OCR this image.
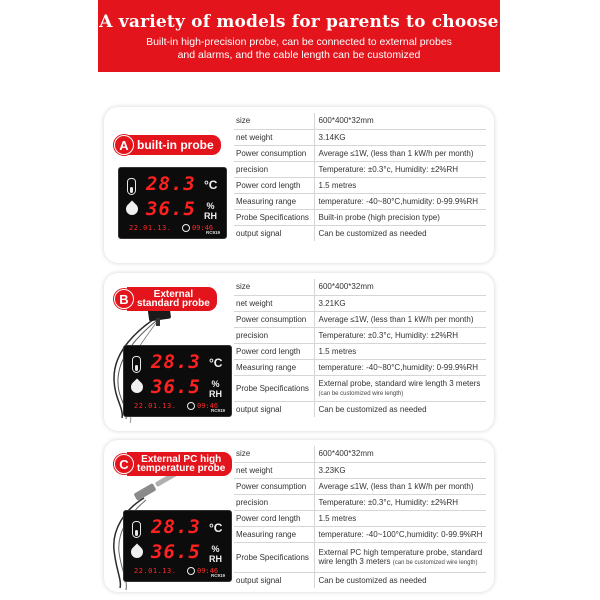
A variety of models for parents to choose

Built-in high-precision probe, can be connected to external probes
and alarms, and the cable length can be customized

A built-in probe
28.3 °C
36.5 %
RH
22.01.13.	09:46
RC919
size	600*400*32mm
net weight	3.14KG
Power consumption	Average ≤1W, (less than 1 kW/h per month)
precision	Temperature: ±0.3°c, Humidity: ±2%RH
Power cord length	1.5 metres
Measuring range	temperature: -40~80°C,humidity: 0-99.9%RH
Probe Specifications	Built-in probe (high precision type)
output signal	Can be customized as needed
B	External
standard probe
28.3 °C
36.5 %
RH
22.01.13.	09:46
RC919
size	600*400*32mm
net weight	3.21KG
Power consumption	Average ≤1W, (less than 1 kW/h per month)
precision	Temperature: ±0.3°c, Humidity: ±2%RH
Power cord length	1.5 metres
Measuring range	temperature: -40~80°C,humidity: 0-99.9%RH
Probe Specifications	External probe, standard wire length 3 meters
(can be customized wire length)
output signal	Can be customized as needed
C	External PC high
temperature probe
28.3 °C
36.5 %
RH
22.01.13.	09:46
RC919
size	600*400*32mm
net weight	3.23KG
Power consumption	Average ≤1W, (less than 1 kW/h per month)
precision	Temperature: ±0.3°c, Humidity: ±2%RH
Power cord length	1.5 metres
Measuring range	temperature: -40~100°C,humidity: 0-99.9%RH
Probe Specifications	External PC high temperature probe, standard
wire length 3 meters (can be customized wire length)
output signal	Can be customized as needed
